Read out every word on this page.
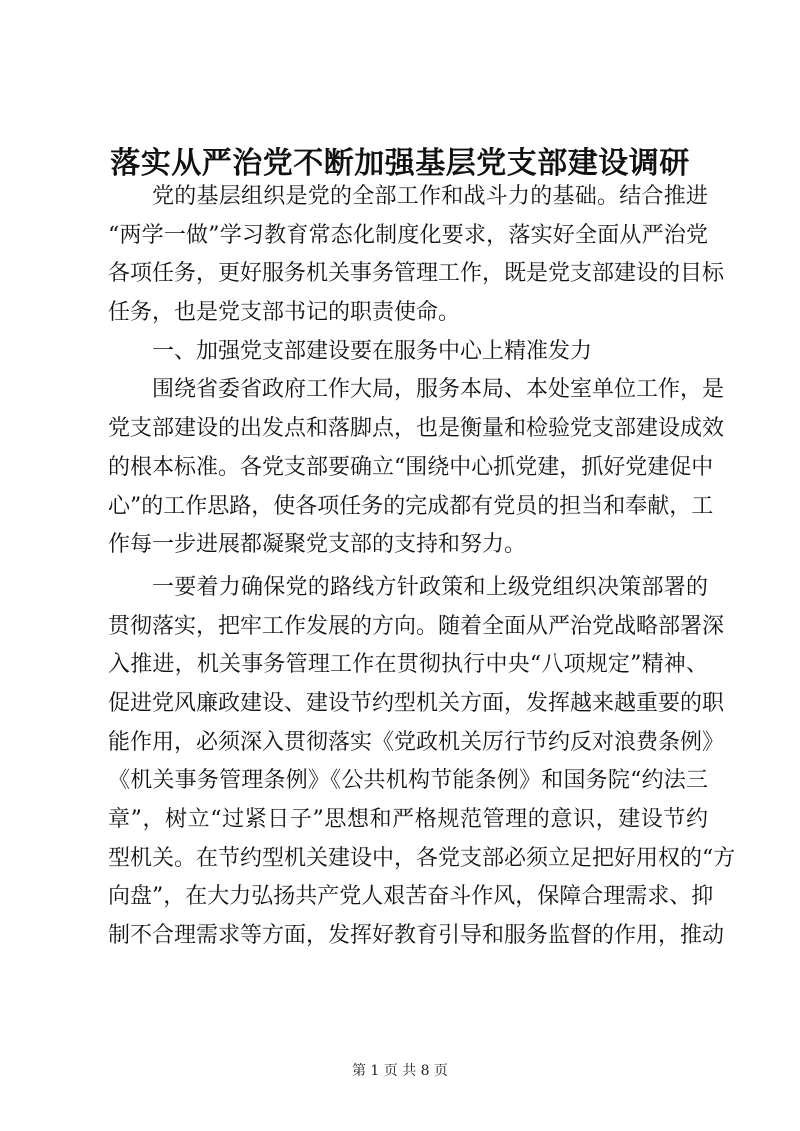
落实从严治党不断加强基层党支部建设调研
党的基层组织是党的全部工作和战斗力的基础。结合推进
“两学一做”学习教育常态化制度化要求，落实好全面从严治党
各项任务，更好服务机关事务管理工作，既是党支部建设的目标
任务，也是党支部书记的职责使命。
一、加强党支部建设要在服务中心上精准发力
围绕省委省政府工作大局，服务本局、本处室单位工作，是
党支部建设的出发点和落脚点，也是衡量和检验党支部建设成效
的根本标准。各党支部要确立“围绕中心抓党建，抓好党建促中
心”的工作思路，使各项任务的完成都有党员的担当和奉献，工
作每一步进展都凝聚党支部的支持和努力。
一要着力确保党的路线方针政策和上级党组织决策部署的
贯彻落实，把牢工作发展的方向。随着全面从严治党战略部署深
入推进，机关事务管理工作在贯彻执行中央“八项规定”精神、
促进党风廉政建设、建设节约型机关方面，发挥越来越重要的职
能作用，必须深入贯彻落实《党政机关厉行节约反对浪费条例》
《机关事务管理条例》《公共机构节能条例》和国务院“约法三
章”，树立“过紧日子”思想和严格规范管理的意识，建设节约
型机关。在节约型机关建设中，各党支部必须立足把好用权的“方
向盘”，在大力弘扬共产党人艰苦奋斗作风，保障合理需求、抑
制不合理需求等方面，发挥好教育引导和服务监督的作用，推动
第 1 页 共 8 页
